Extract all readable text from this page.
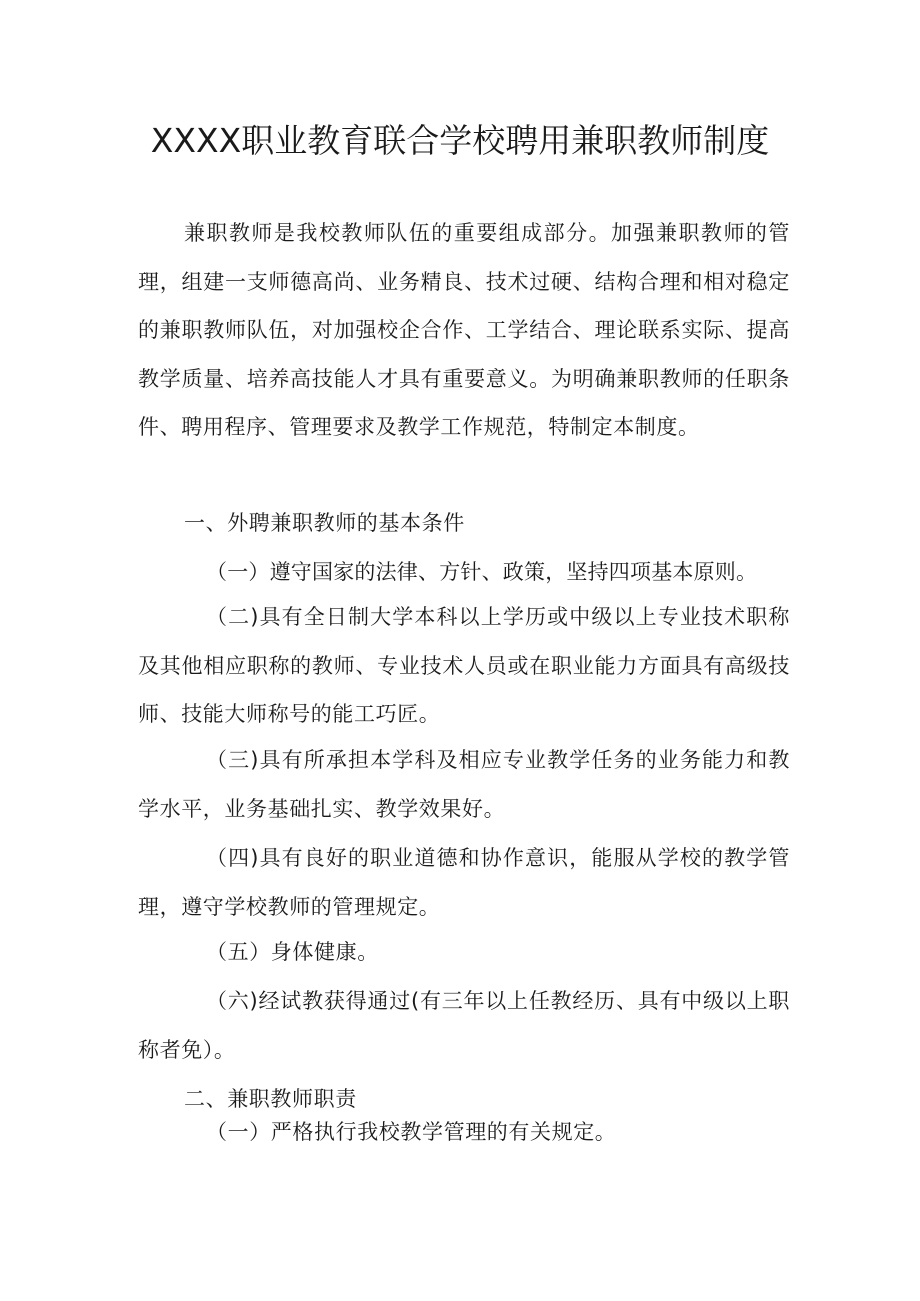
XXXX职业教育联合学校聘用兼职教师制度

兼职教师是我校教师队伍的重要组成部分。加强兼职教师的管理，组建一支师德高尚、业务精良、技术过硬、结构合理和相对稳定的兼职教师队伍，对加强校企合作、工学结合、理论联系实际、提高教学质量、培养高技能人才具有重要意义。为明确兼职教师的任职条件、聘用程序、管理要求及教学工作规范，特制定本制度。

一、外聘兼职教师的基本条件

（一）遵守国家的法律、方针、政策，坚持四项基本原则。

（二)具有全日制大学本科以上学历或中级以上专业技术职称及其他相应职称的教师、专业技术人员或在职业能力方面具有高级技师、技能大师称号的能工巧匠。

（三)具有所承担本学科及相应专业教学任务的业务能力和教学水平，业务基础扎实、教学效果好。

（四)具有良好的职业道德和协作意识，能服从学校的教学管理，遵守学校教师的管理规定。

（五）身体健康。

（六)经试教获得通过(有三年以上任教经历、具有中级以上职称者免）。

二、兼职教师职责

（一）严格执行我校教学管理的有关规定。
